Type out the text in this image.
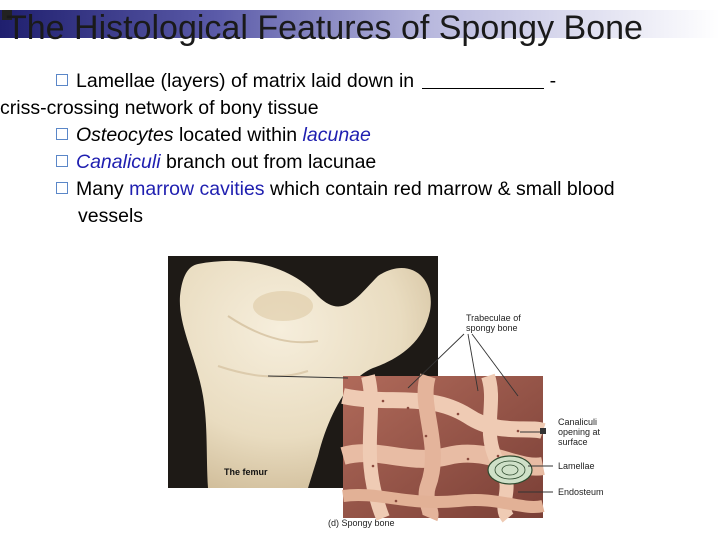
The Histological Features of Spongy Bone
Lamellae (layers) of matrix laid down in	-
criss-crossing network of bony tissue
Osteocytes located within lacunae
Canaliculi branch out from lacunae
Many marrow cavities which contain red marrow & small blood
vessels
The femur
Trabeculae of
spongy bone
Canaliculi
opening at
surface
Lamellae
Endosteum
(d) Spongy bone
